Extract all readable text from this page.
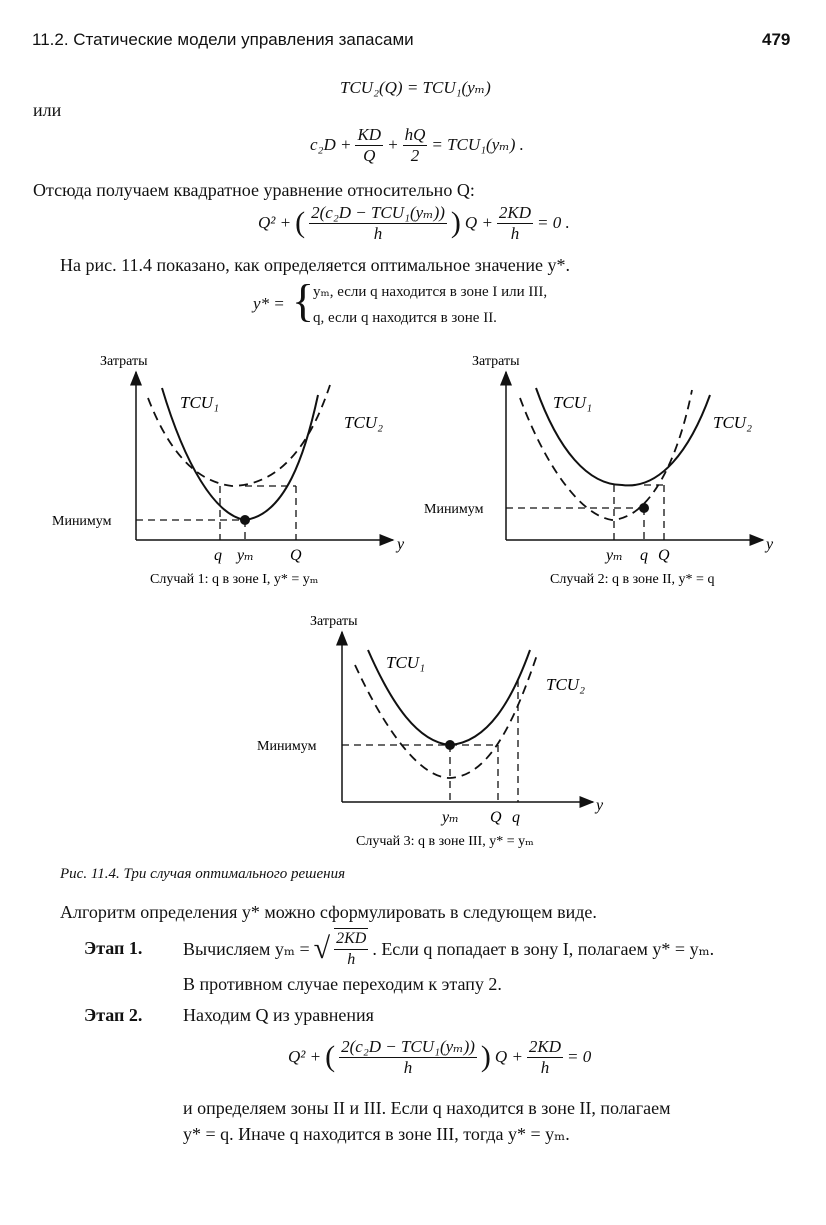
11.2. Статические модели управления запасами	479
TCU₂(Q) = TCU₁(yₘ)
или
$c_2D + \frac{KD}{Q} + \frac{hQ}{2} = TCU_1(y_m)$ .
Отсюда получаем квадратное уравнение относительно Q:
Q² + ( $\frac{\text{2(c₂D − TCU₁(yₘ))}}{h}$ ) $Q + \frac{2KD}{h} = 0$ .
На рис. 11.4 показано, как определяется оптимальное значение y*.
y* = {
yₘ, если q находится в зоне I или III,
q, если q находится в зоне II.
Затраты
y
TCU₁
TCU₂
Минимум
q yₘ Q
Случай 1: q в зоне I, y* = yₘ
Затраты
y
TCU₁
TCU₂
Минимум
yₘ q Q
Случай 2: q в зоне II, y* = q
Затраты
y
TCU₁
TCU₂
Минимум
yₘ Q q
Случай 3: q в зоне III, y* = yₘ
Рис. 11.4. Три случая оптимального решения
Алгоритм определения y* можно сформулировать в следующем виде.
Этап 1. Вычисляем yₘ = √ $\frac{2KD}{h}$ . Если q попадает в зону I, полагаем y* = yₘ.
В противном случае переходим к этапу 2.
Этап 2. Находим Q из уравнения
Q² + ( $\frac{\text{2(c₂D − TCU₁(yₘ))}}{h}$ ) $Q + \frac{2KD}{h} = 0$
и определяем зоны II и III. Если q находится в зоне II, полагаем
y* = q. Иначе q находится в зоне III, тогда y* = yₘ.
